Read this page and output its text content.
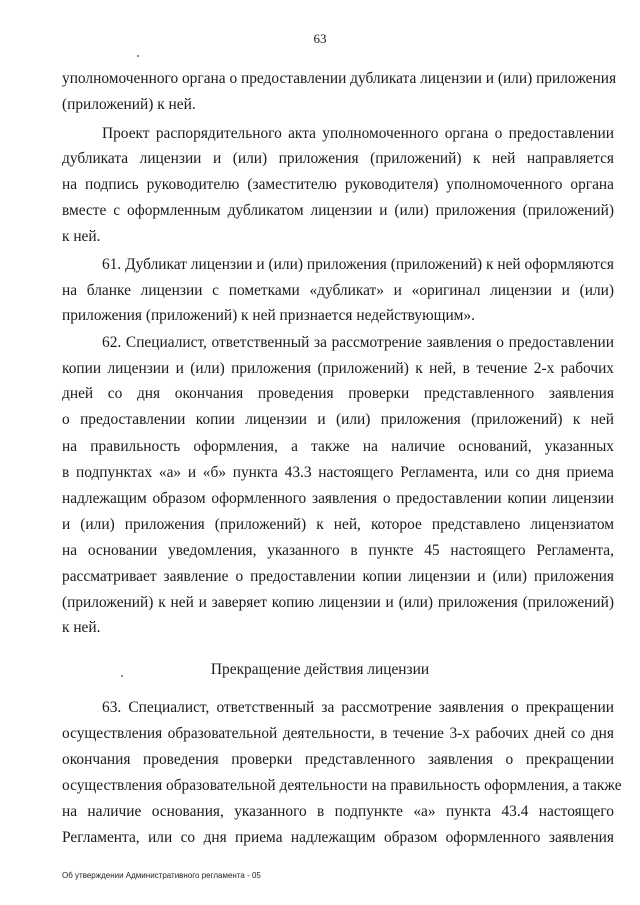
63
уполномоченного органа о предоставлении дубликата лицензии и (или) приложения
(приложений) к ней.
Проект распорядительного акта уполномоченного органа о предоставлении
дубликата лицензии и (или) приложения (приложений) к ней направляется
на подпись руководителю (заместителю руководителя) уполномоченного органа
вместе с оформленным дубликатом лицензии и (или) приложения (приложений)
к ней.
61. Дубликат лицензии и (или) приложения (приложений) к ней оформляются
на бланке лицензии с пометками «дубликат» и «оригинал лицензии и (или)
приложения (приложений) к ней признается недействующим».
62. Специалист, ответственный за рассмотрение заявления о предоставлении
копии лицензии и (или) приложения (приложений) к ней, в течение 2-х рабочих
дней со дня окончания проведения проверки представленного заявления
о предоставлении копии лицензии и (или) приложения (приложений) к ней
на правильность оформления, а также на наличие оснований, указанных
в подпунктах «а» и «б» пункта 43.3 настоящего Регламента, или со дня приема
надлежащим образом оформленного заявления о предоставлении копии лицензии
и (или) приложения (приложений) к ней, которое представлено лицензиатом
на основании уведомления, указанного в пункте 45 настоящего Регламента,
рассматривает заявление о предоставлении копии лицензии и (или) приложения
(приложений) к ней и заверяет копию лицензии и (или) приложения (приложений)
к ней.
Прекращение действия лицензии
63. Специалист, ответственный за рассмотрение заявления о прекращении
осуществления образовательной деятельности, в течение 3-х рабочих дней со дня
окончания проведения проверки представленного заявления о прекращении
осуществления образовательной деятельности на правильность оформления, а также
на наличие основания, указанного в подпункте «а» пункта 43.4 настоящего
Регламента, или со дня приема надлежащим образом оформленного заявления
Об утверждении Административного регламента - 05
